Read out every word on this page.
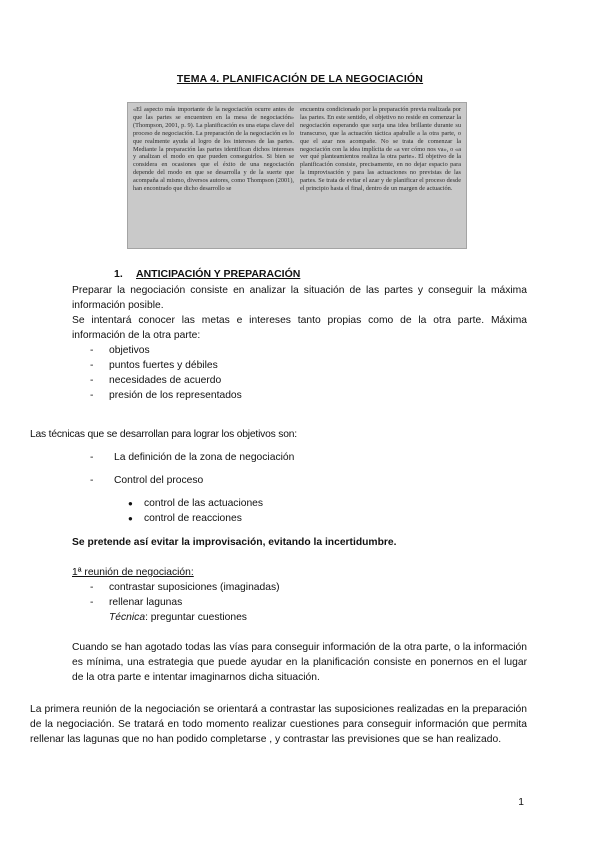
TEMA 4. PLANIFICACIÓN DE LA NEGOCIACIÓN

«El aspecto más importante de la negociación ocurre antes de que las partes se encuentren en la mesa de negociación» (Thompson, 2001, p. 9). La planificación es una etapa clave del proceso de negociación. La preparación de la negociación es lo que realmente ayuda al logro de los intereses de las partes. Mediante la preparación las partes identifican dichos intereses y analizan el modo en que pueden conseguirlos. Si bien se considera en ocasiones que el éxito de una negociación depende del modo en que se desarrolla y de la suerte que acompaña al mismo, diversos autores, como Thompson (2001), han encontrado que dicho desarrollo se

encuentra condicionado por la preparación previa realizada por las partes. En este sentido, el objetivo no reside en comenzar la negociación esperando que surja una idea brillante durante su transcurso, que la actuación táctica apabulle a la otra parte, o que el azar nos acompañe. No se trata de comenzar la negociación con la idea implícita de «a ver cómo nos va», o «a ver qué planteamientos realiza la otra parte». El objetivo de la planificación consiste, precisamente, en no dejar espacio para la improvisación y para las actuaciones no previstas de las partes. Se trata de evitar el azar y de planificar el proceso desde el principio hasta el final, dentro de un margen de actuación.

1. ANTICIPACIÓN Y PREPARACIÓN
Preparar la negociación consiste en analizar la situación de las partes y conseguir la máxima información posible.
Se intentará conocer las metas e intereses tanto propias como de la otra parte. Máxima información de la otra parte:
- objetivos
- puntos fuertes y débiles
- necesidades de acuerdo
- presión de los representados
Las técnicas que se desarrollan para lograr los objetivos son:
- La definición de la zona de negociación
- Control del proceso
● control de las actuaciones
● control de reacciones
Se pretende así evitar la improvisación, evitando la incertidumbre.
1ª reunión de negociación:
- contrastar suposiciones (imaginadas)
- rellenar lagunas
Técnica: preguntar cuestiones
Cuando se han agotado todas las vías para conseguir información de la otra parte, o la información es mínima, una estrategia que puede ayudar en la planificación consiste en ponernos en el lugar de la otra parte e intentar imaginarnos dicha situación.
La primera reunión de la negociación se orientará a contrastar las suposiciones realizadas en la preparación de la negociación. Se tratará en todo momento realizar cuestiones para conseguir información que permita rellenar las lagunas que no han podido completarse , y contrastar las previsiones que se han realizado.
1
